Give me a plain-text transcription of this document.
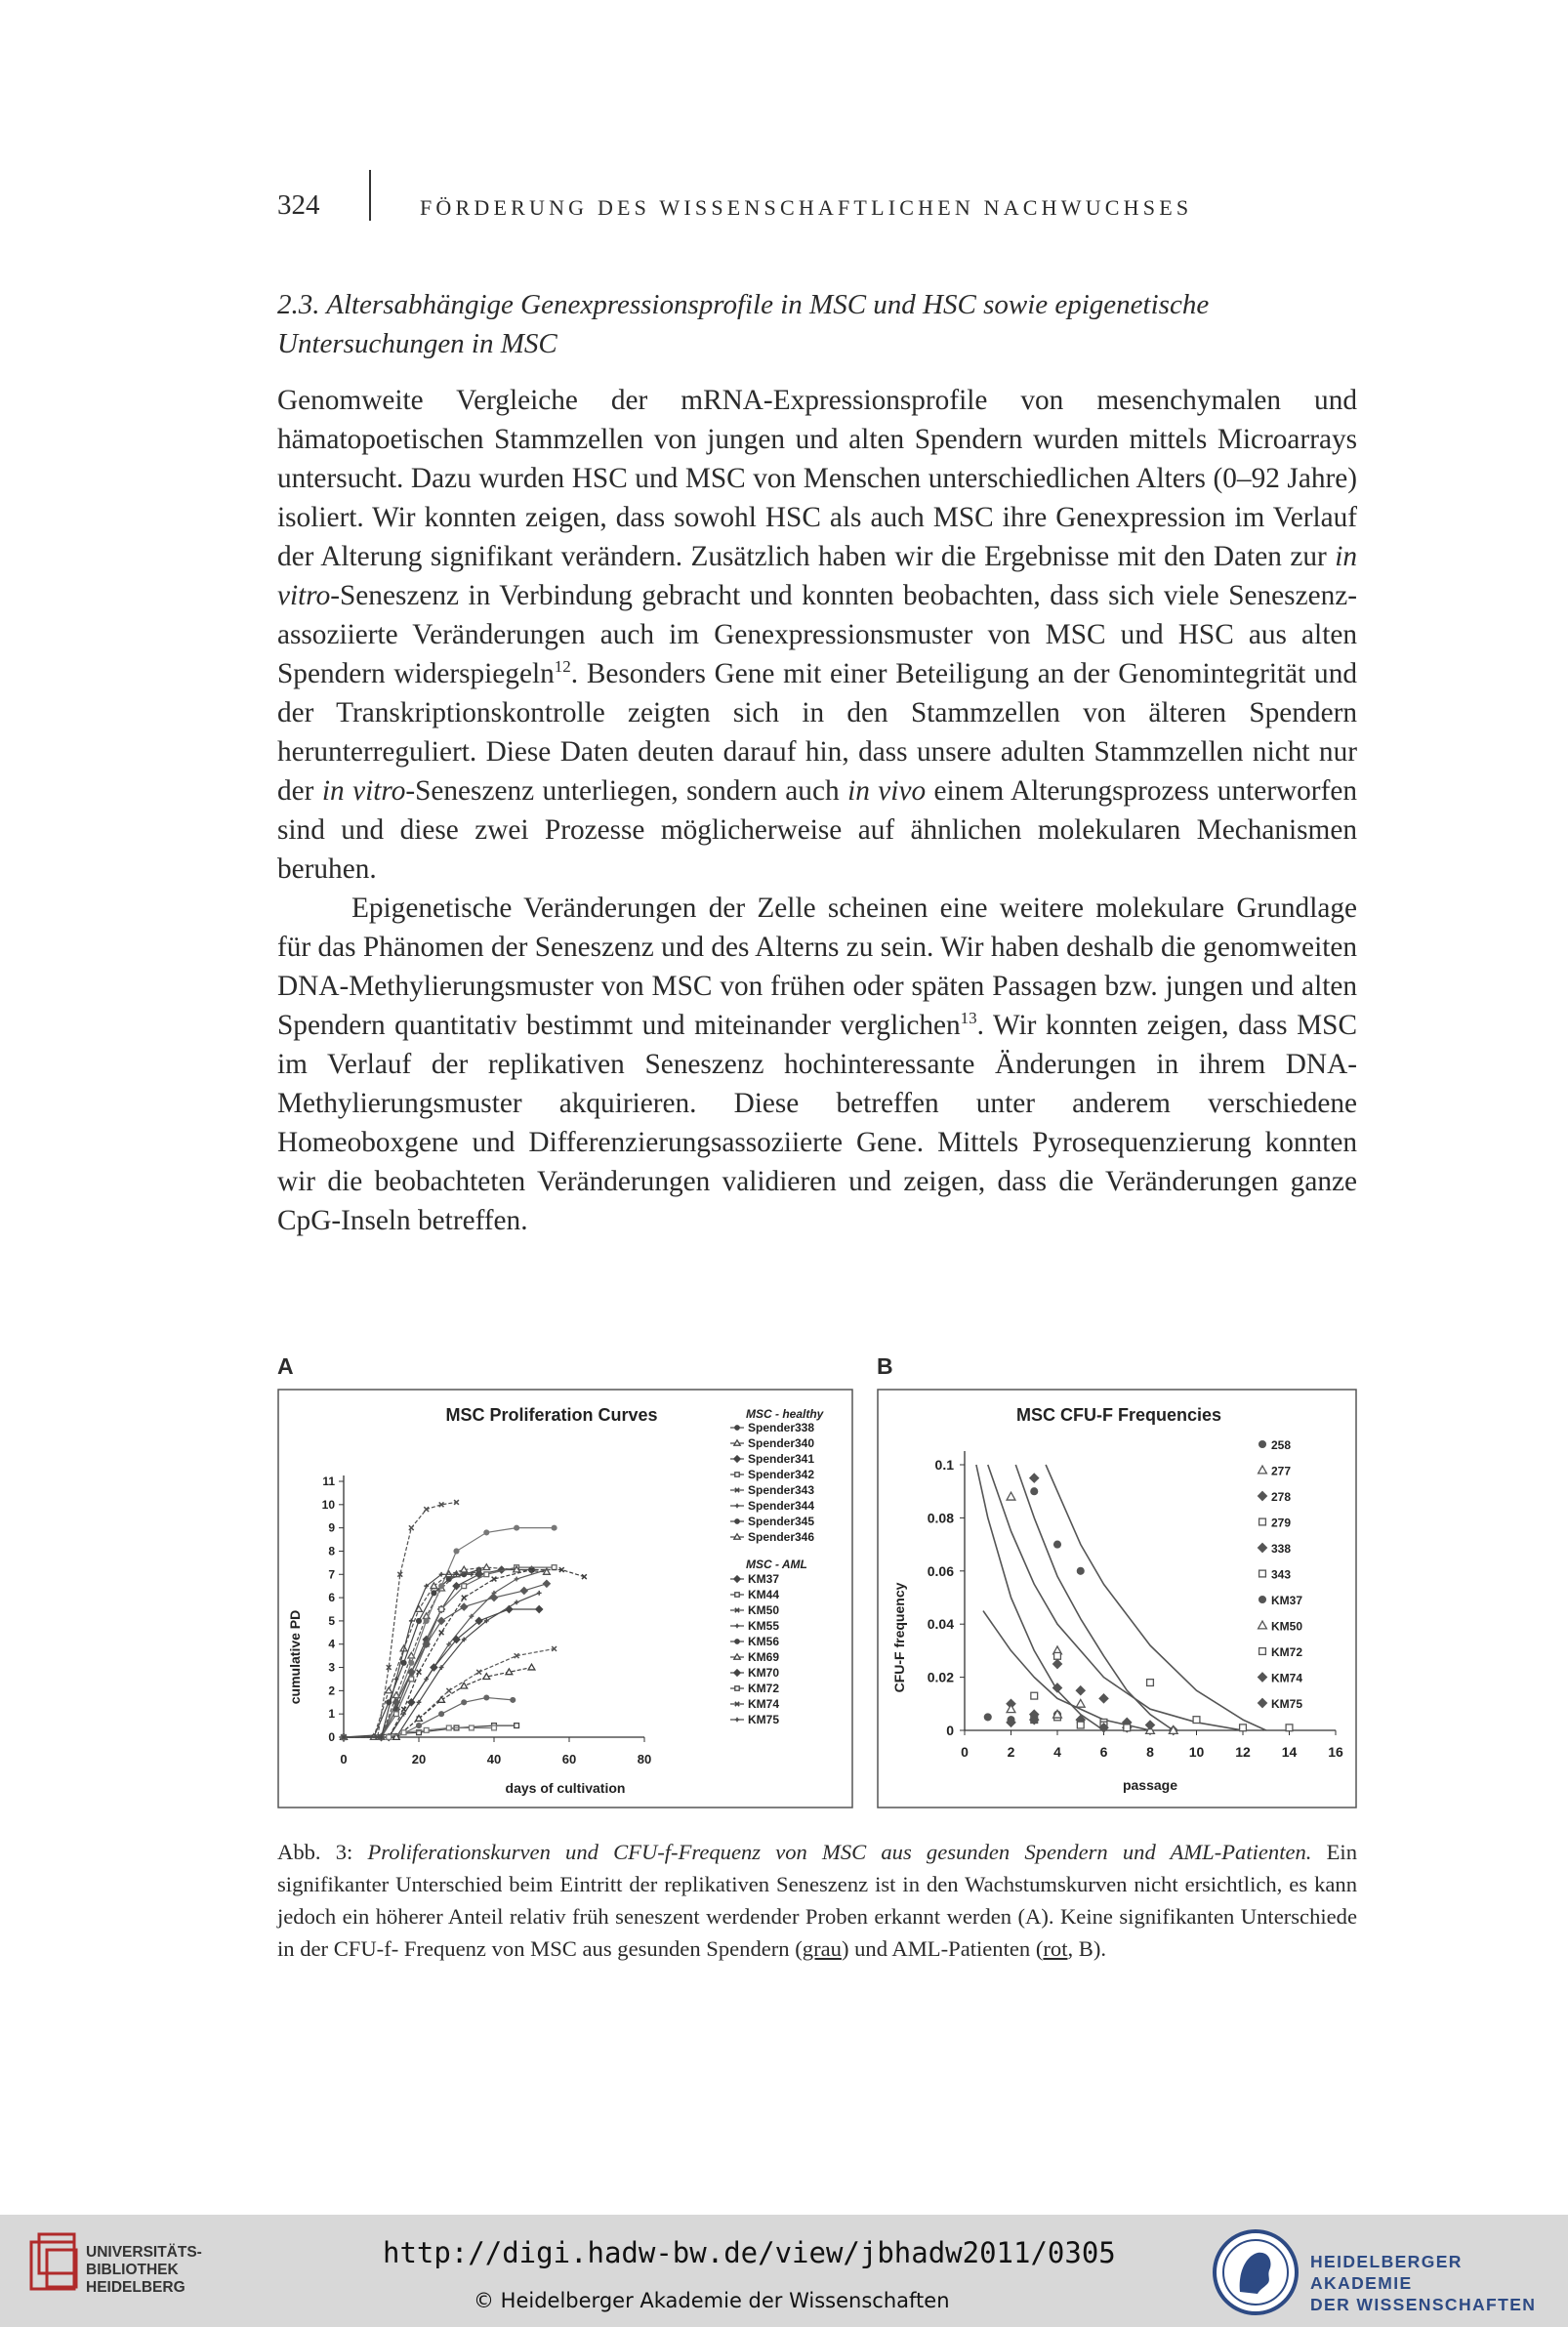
324	FÖRDERUNG DES WISSENSCHAFTLICHEN NACHWUCHSES
2.3. Altersabhängige Genexpressionsprofile in MSC und HSC sowie epigenetische
Untersuchungen in MSC

Genomweite Vergleiche der mRNA-Expressionsprofile von mesenchymalen und hämatopoetischen Stammzellen von jungen und alten Spendern wurden mittels Microarrays untersucht. Dazu wurden HSC und MSC von Menschen unterschiedlichen Alters (0–92 Jahre) isoliert. Wir konnten zeigen, dass sowohl HSC als auch MSC ihre Genexpression im Verlauf der Alterung signifikant verändern. Zusätzlich haben wir die Ergebnisse mit den Daten zur in vitro-Seneszenz in Verbindung gebracht und konnten beobachten, dass sich viele Seneszenz-assoziierte Veränderungen auch im Genexpressionsmuster von MSC und HSC aus alten Spendern widerspiegeln$^{12}$. Besonders Gene mit einer Beteiligung an der Genomintegrität und der Transkriptionskontrolle zeigten sich in den Stammzellen von älteren Spendern herunterreguliert. Diese Daten deuten darauf hin, dass unsere adulten Stammzellen nicht nur der in vitro-Seneszenz unterliegen, sondern auch in vivo einem Alterungsprozess unterworfen sind und diese zwei Prozesse möglicherweise auf ähnlichen molekularen Mechanismen beruhen.

Epigenetische Veränderungen der Zelle scheinen eine weitere molekulare Grundlage für das Phänomen der Seneszenz und des Alterns zu sein. Wir haben deshalb die genomweiten DNA-Methylierungsmuster von MSC von frühen oder späten Passagen bzw. jungen und alten Spendern quantitativ bestimmt und miteinander verglichen$^{13}$. Wir konnten zeigen, dass MSC im Verlauf der replikativen Seneszenz hochinteressante Änderungen in ihrem DNA-Methylierungsmuster akquirieren. Diese betreffen unter anderem verschiedene Homeoboxgene und Differenzierungsassoziierte Gene. Mittels Pyrosequenzierung konnten wir die beobachteten Veränderungen validieren und zeigen, dass die Veränderungen ganze CpG-Inseln betreffen.

A	B
MSC Proliferation Curves
days of cultivation
cumulative PD
MSC - healthy
MSC - AML
0	20	40	60	80
0
1
2
3
4
5
6
7
8
9
10
11
Spender338
Spender340
Spender341
Spender342
Spender343
Spender344
Spender345
Spender346
KM37
KM44
KM50
KM55
KM56
KM69
KM70
KM72
KM74
KM75
MSC CFU-F Frequencies
passage
CFU-F frequency
0	2	4	6	8	10 12 14 16
0
0.02
0.04
0.06
0.08
0.1
258
277
278
279
338
343
KM37
KM50
KM72
KM74
KM75
Abb. 3: Proliferationskurven und CFU-f-Frequenz von MSC aus gesunden Spendern und AML-Patienten. Ein signifikanter Unterschied beim Eintritt der replikativen Seneszenz ist in den Wachstumskurven nicht ersichtlich, es kann jedoch ein höherer Anteil relativ früh seneszent werdender Proben erkannt werden (A). Keine signifikanten Unterschiede in der CFU-f- Frequenz von MSC aus gesunden Spendern (grau) und AML-Patienten (rot, B).
UNIVERSITÄTS-
BIBLIOTHEK
HEIDELBERG
http://digi.hadw-bw.de/view/jbhadw2011/0305
© Heidelberger Akademie der Wissenschaften
HEIDELBERGER AKADEMIE
DER WISSENSCHAFTEN
